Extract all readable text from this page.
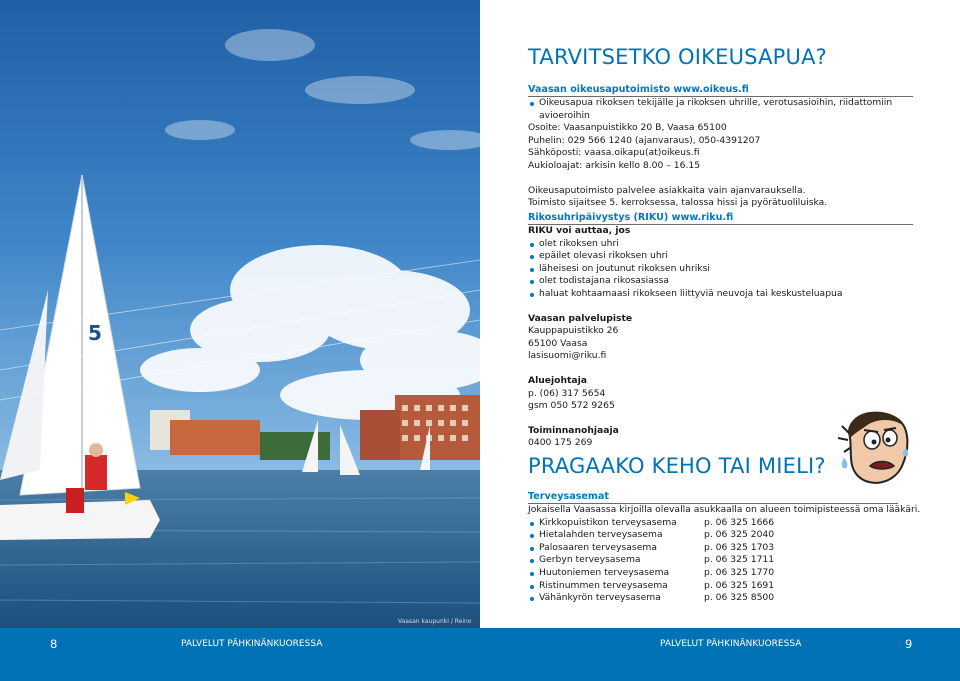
5
Vaasan kaupunki / Reino
TARVITSETKO OIKEUSAPUA?
Vaasan oikeusaputoimisto www.oikeus.fi
Oikeusapua rikoksen tekijälle ja rikoksen uhrille, verotusasioihin, riidattomiin avioeroihin
Osoite: Vaasanpuistikko 20 B, Vaasa 65100
Puhelin: 029 566 1240 (ajanvaraus), 050-4391207
Sähköposti: vaasa.oikapu(at)oikeus.fi
Aukioloajat: arkisin kello 8.00 – 16.15
Oikeusaputoimisto palvelee asiakkaita vain ajanvarauksella.
Toimisto sijaitsee 5. kerroksessa, talossa hissi ja pyörätuoliluiska.
Rikosuhripäivystys (RIKU) www.riku.fi
RIKU voi auttaa, jos
olet rikoksen uhri
epäilet olevasi rikoksen uhri
läheisesi on joutunut rikoksen uhriksi
olet todistajana rikosasiassa
haluat kohtaamaasi rikokseen liittyviä neuvoja tai keskusteluapua
Vaasan palvelupiste
Kauppapuistikko 26
65100 Vaasa
lasisuomi@riku.fi
Aluejohtaja
p. (06) 317 5654
gsm 050 572 9265
Toiminnanohjaaja
0400 175 269
PRAGAAKO KEHO TAI MIELI?
Terveysasemat
Jokaisella Vaasassa kirjoilla olevalla asukkaalla on alueen toimipisteessä oma lääkäri.
Kirkkopuistikon terveysasema	p. 06 325 1666
Hietalahden terveysasema	p. 06 325 2040
Palosaaren terveysasema	p. 06 325 1703
Gerbyn terveysasema	p. 06 325 1711
Huutoniemen terveysasema	p. 06 325 1770
Ristinummen terveysasema	p. 06 325 1691
Vähänkyrön terveysasema	p. 06 325 8500
8	PALVELUT PÄHKINÄNKUORESSA	PALVELUT PÄHKINÄNKUORESSA	9
